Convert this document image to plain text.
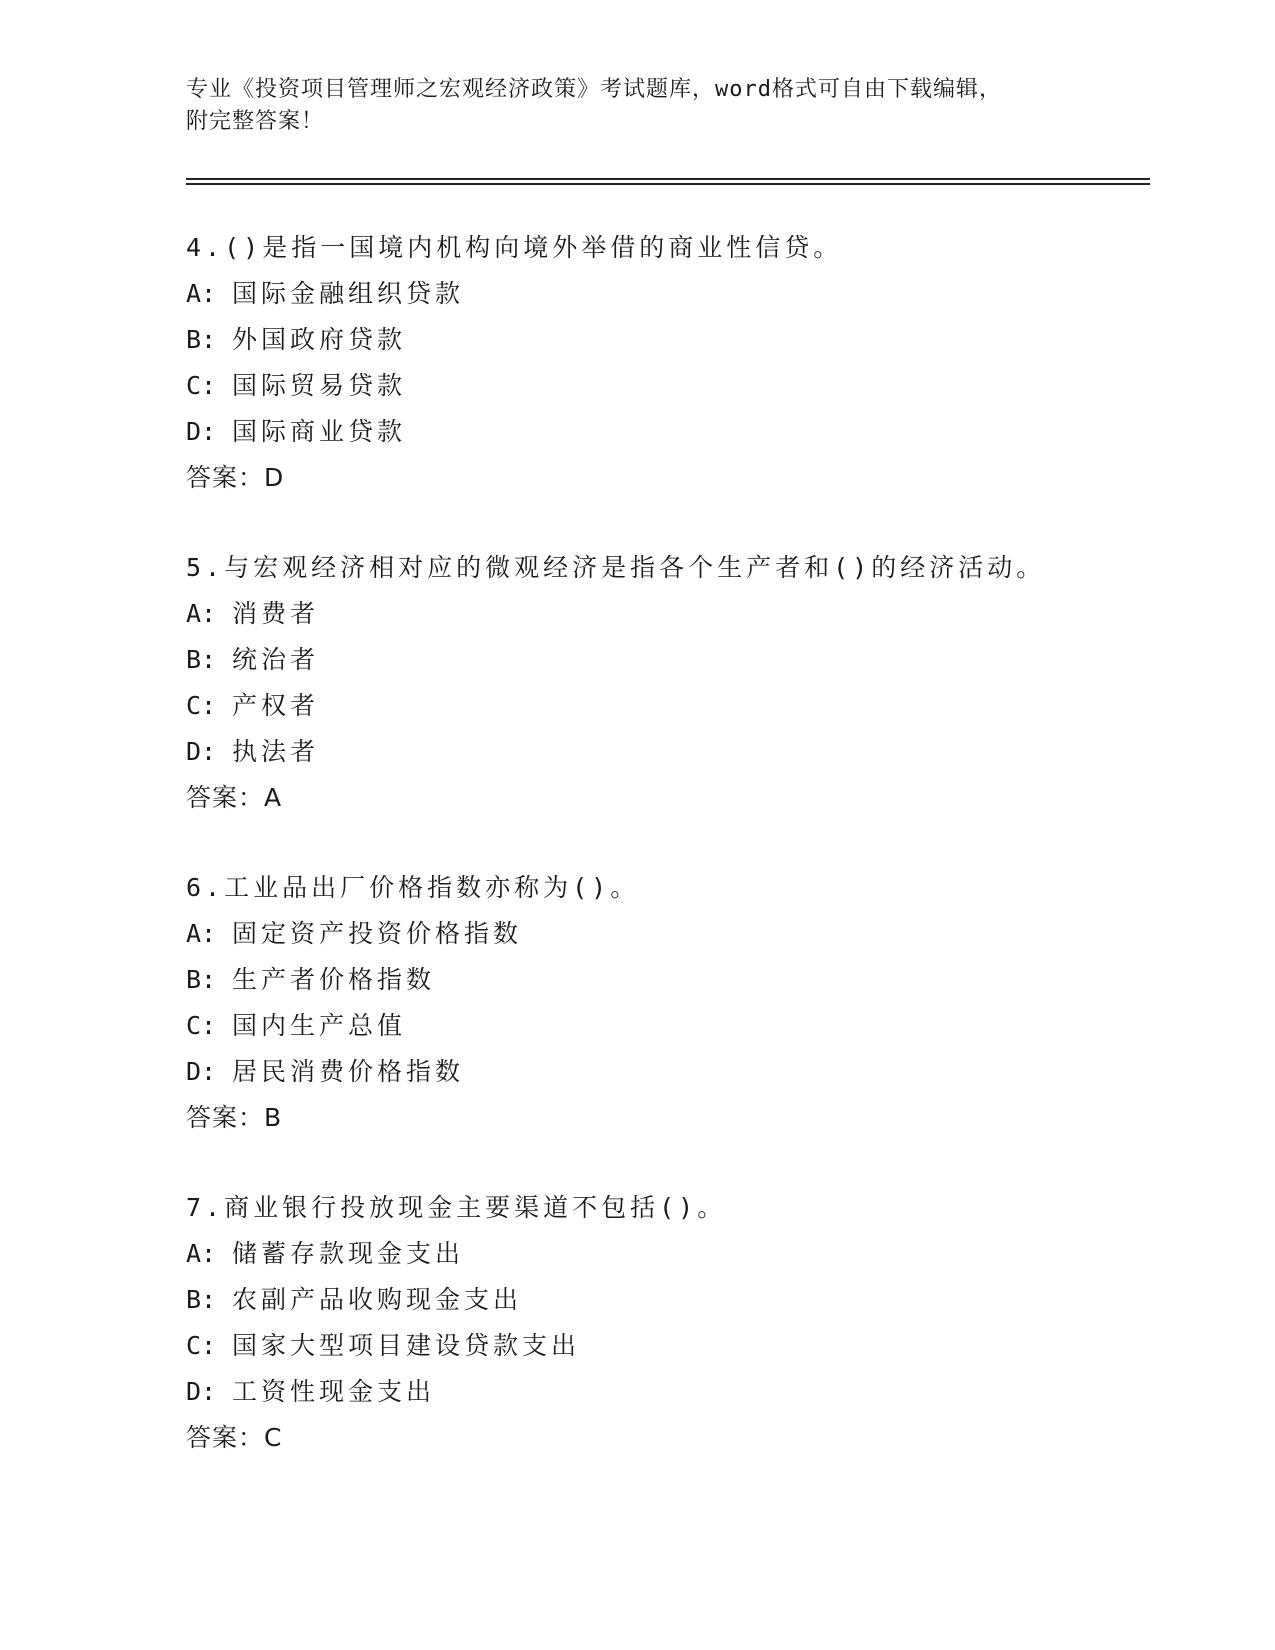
专业《投资项目管理师之宏观经济政策》考试题库，word格式可自由下载编辑，
附完整答案！
4.()是指一国境内机构向境外举借的商业性信贷。
A: 国际金融组织贷款
B: 外国政府贷款
C: 国际贸易贷款
D: 国际商业贷款
答案：D
5.与宏观经济相对应的微观经济是指各个生产者和()的经济活动。
A: 消费者
B: 统治者
C: 产权者
D: 执法者
答案：A
6.工业品出厂价格指数亦称为()。
A: 固定资产投资价格指数
B: 生产者价格指数
C: 国内生产总值
D: 居民消费价格指数
答案：B
7.商业银行投放现金主要渠道不包括()。
A: 储蓄存款现金支出
B: 农副产品收购现金支出
C: 国家大型项目建设贷款支出
D: 工资性现金支出
答案：C
